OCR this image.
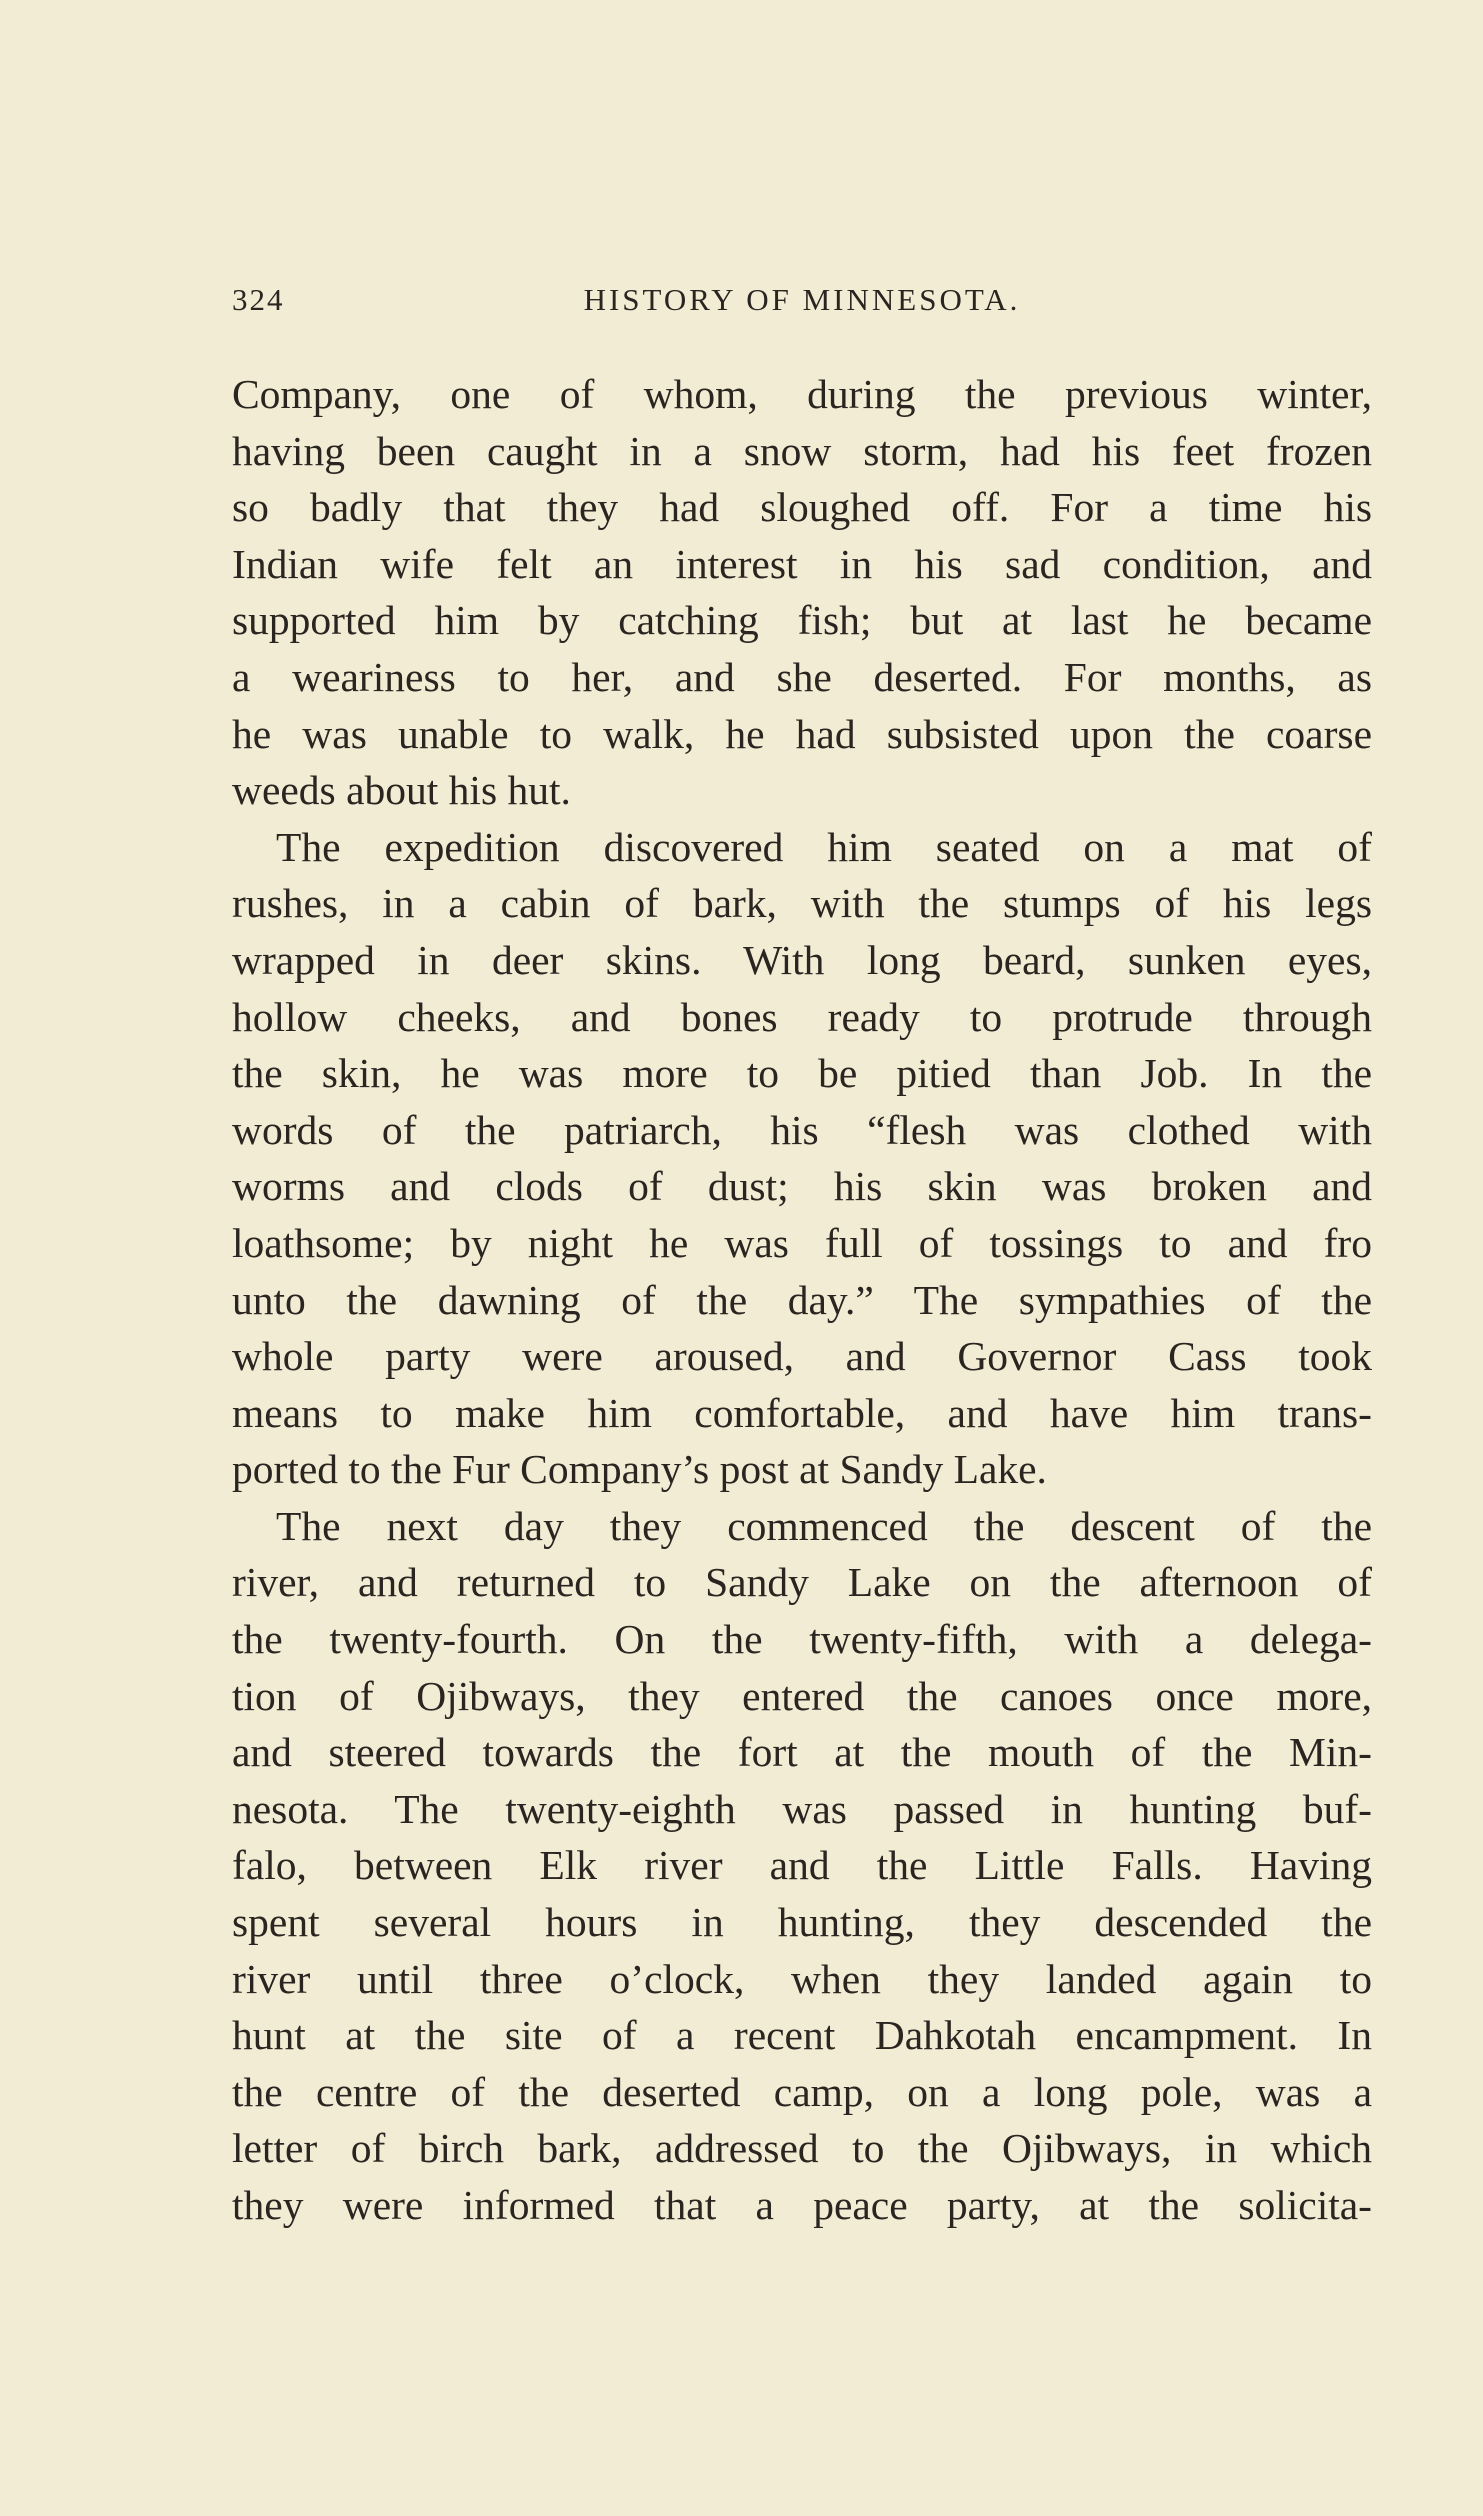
324	HISTORY OF MINNESOTA.
Company, one of whom, during the previous winter,
having been caught in a snow storm, had his feet frozen
so badly that they had sloughed off. For a time his
Indian wife felt an interest in his sad condition, and
supported him by catching fish; but at last he became
a weariness to her, and she deserted. For months, as
he was unable to walk, he had subsisted upon the coarse
weeds about his hut.
The expedition discovered him seated on a mat of
rushes, in a cabin of bark, with the stumps of his legs
wrapped in deer skins. With long beard, sunken eyes,
hollow cheeks, and bones ready to protrude through
the skin, he was more to be pitied than Job. In the
words of the patriarch, his “flesh was clothed with
worms and clods of dust; his skin was broken and
loathsome; by night he was full of tossings to and fro
unto the dawning of the day.” The sympathies of the
whole party were aroused, and Governor Cass took
means to make him comfortable, and have him trans-
ported to the Fur Company’s post at Sandy Lake.
The next day they commenced the descent of the
river, and returned to Sandy Lake on the afternoon of
the twenty-fourth. On the twenty-fifth, with a delega-
tion of Ojibways, they entered the canoes once more,
and steered towards the fort at the mouth of the Min-
nesota. The twenty-eighth was passed in hunting buf-
falo, between Elk river and the Little Falls. Having
spent several hours in hunting, they descended the
river until three o’clock, when they landed again to
hunt at the site of a recent Dahkotah encampment. In
the centre of the deserted camp, on a long pole, was a
letter of birch bark, addressed to the Ojibways, in which
they were informed that a peace party, at the solicita-
